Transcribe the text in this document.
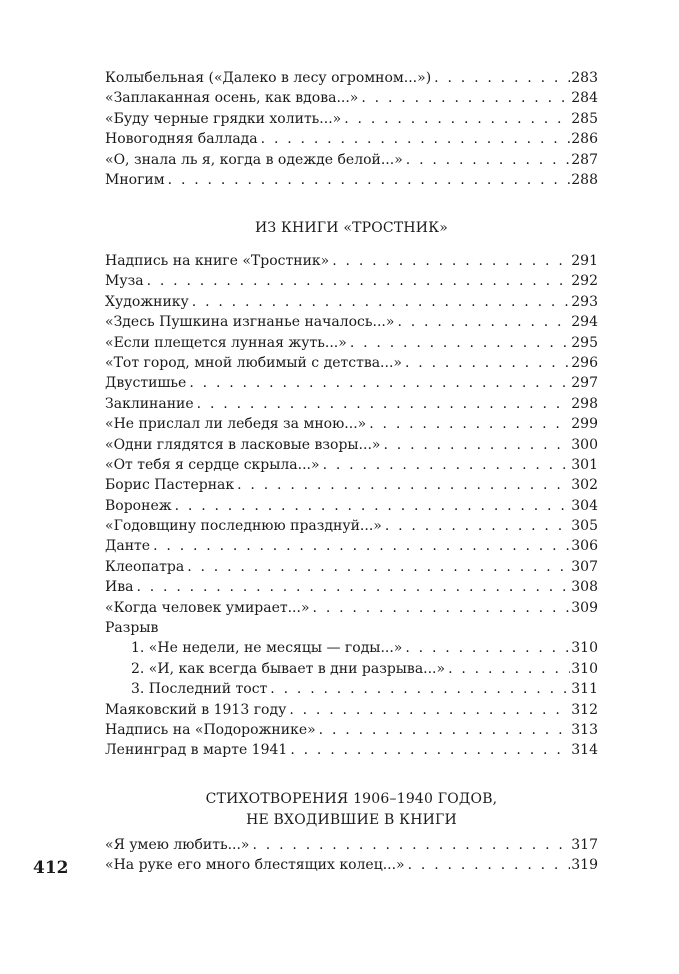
Колыбельная («Далеко в лесу огромном...») . . .	283
«Заплаканная осень, как вдова...» . . .	284
«Буду черные грядки холить...» . . .	285
Новогодняя баллада . . .	286
«О, знала ль я, когда в одежде белой...» . . .	287
Многим . . .	288
ИЗ КНИГИ «ТРОСТНИК»
Надпись на книге «Тростник» . . .	291
Муза . . .	292
Художнику . . .	293
«Здесь Пушкина изгнанье началось...» . . .	294
«Если плещется лунная жуть...» . . .	295
«Тот город, мной любимый с детства...» . . .	296
Двустишье . . .	297
Заклинание . . .	298
«Не прислал ли лебедя за мною...» . . .	299
«Одни глядятся в ласковые взоры...» . . .	300
«От тебя я сердце скрыла...» . . .	301
Борис Пастернак . . .	302
Воронеж . . .	304
«Годовщину последнюю празднуй...» . . .	305
Данте . . .	306
Клеопатра . . .	307
Ива . . .	308
«Когда человек умирает...» . . .	309
Разрыв
1. «Не недели, не месяцы — годы...» . . .	310
2. «И, как всегда бывает в дни разрыва...» . . .	310
3. Последний тост . . .	311
Маяковский в 1913 году . . .	312
Надпись на «Подорожнике» . . .	313
Ленинград в марте 1941 . . .	314
СТИХОТВОРЕНИЯ 1906–1940 ГОДОВ,
НЕ ВХОДИВШИЕ В КНИГИ
«Я умею любить...» . . .	317
«На руке его много блестящих колец...» . . .	319
412
